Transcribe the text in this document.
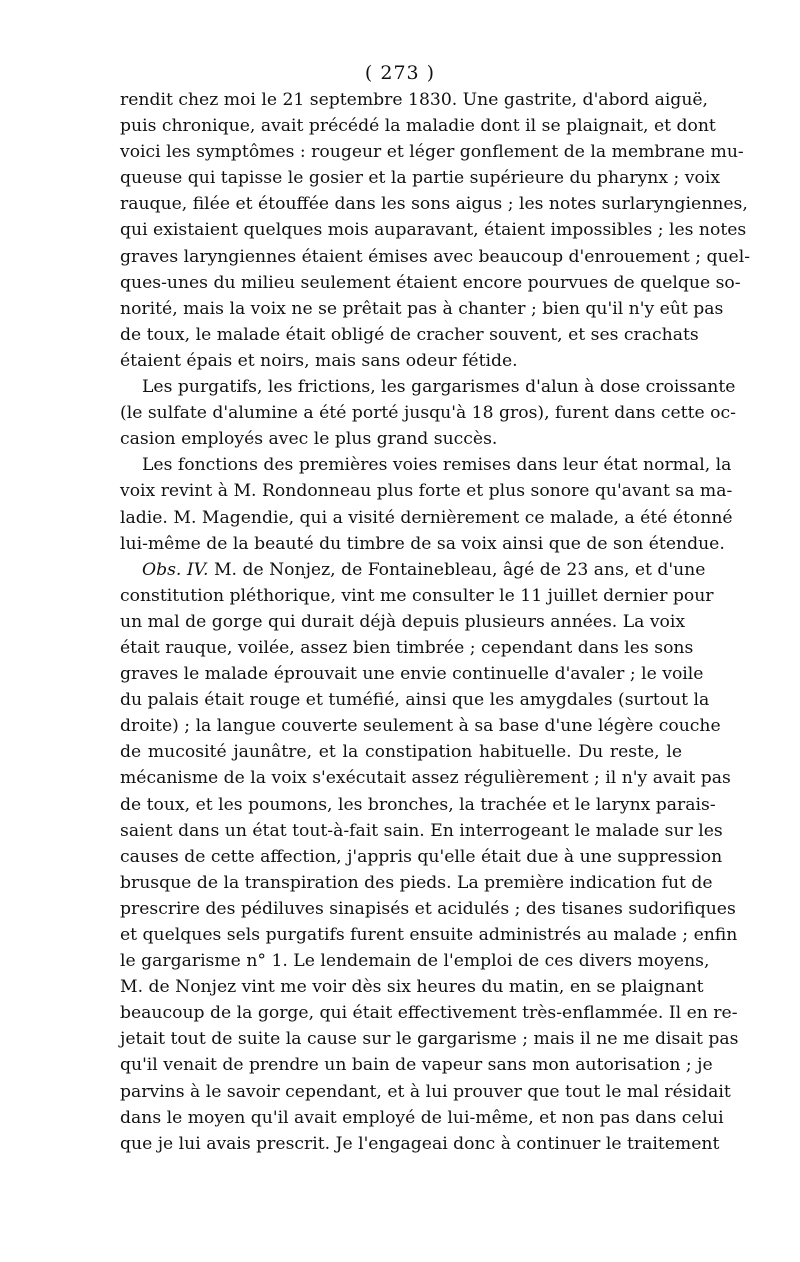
( 273 )
rendit chez moi le 21 septembre 1830. Une gastrite, d'abord aiguë,
puis chronique, avait précédé la maladie dont il se plaignait, et dont
voici les symptômes : rougeur et léger gonflement de la membrane mu-
queuse qui tapisse le gosier et la partie supérieure du pharynx ; voix
rauque, filée et étouffée dans les sons aigus ; les notes surlaryngiennes,
qui existaient quelques mois auparavant, étaient impossibles ; les notes
graves laryngiennes étaient émises avec beaucoup d'enrouement ; quel-
ques-unes du milieu seulement étaient encore pourvues de quelque so-
norité, mais la voix ne se prêtait pas à chanter ; bien qu'il n'y eût pas
de toux, le malade était obligé de cracher souvent, et ses crachats
étaient épais et noirs, mais sans odeur fétide.
Les purgatifs, les frictions, les gargarismes d'alun à dose croissante
(le sulfate d'alumine a été porté jusqu'à 18 gros), furent dans cette oc-
casion employés avec le plus grand succès.
Les fonctions des premières voies remises dans leur état normal, la
voix revint à M. Rondonneau plus forte et plus sonore qu'avant sa ma-
ladie. M. Magendie, qui a visité dernièrement ce malade, a été étonné
lui-même de la beauté du timbre de sa voix ainsi que de son étendue.
Obs. IV. M. de Nonjez, de Fontainebleau, âgé de 23 ans, et d'une
constitution pléthorique, vint me consulter le 11 juillet dernier pour
un mal de gorge qui durait déjà depuis plusieurs années. La voix
était rauque, voilée, assez bien timbrée ; cependant dans les sons
graves le malade éprouvait une envie continuelle d'avaler ; le voile
du palais était rouge et tuméfié, ainsi que les amygdales (surtout la
droite) ; la langue couverte seulement à sa base d'une légère couche
de mucosité jaunâtre, et la constipation habituelle. Du reste, le
mécanisme de la voix s'exécutait assez régulièrement ; il n'y avait pas
de toux, et les poumons, les bronches, la trachée et le larynx parais-
saient dans un état tout-à-fait sain. En interrogeant le malade sur les
causes de cette affection, j'appris qu'elle était due à une suppression
brusque de la transpiration des pieds. La première indication fut de
prescrire des pédiluves sinapisés et acidulés ; des tisanes sudorifiques
et quelques sels purgatifs furent ensuite administrés au malade ; enfin
le gargarisme n° 1. Le lendemain de l'emploi de ces divers moyens,
M. de Nonjez vint me voir dès six heures du matin, en se plaignant
beaucoup de la gorge, qui était effectivement très-enflammée. Il en re-
jetait tout de suite la cause sur le gargarisme ; mais il ne me disait pas
qu'il venait de prendre un bain de vapeur sans mon autorisation ; je
parvins à le savoir cependant, et à lui prouver que tout le mal résidait
dans le moyen qu'il avait employé de lui-même, et non pas dans celui
que je lui avais prescrit. Je l'engageai donc à continuer le traitement
